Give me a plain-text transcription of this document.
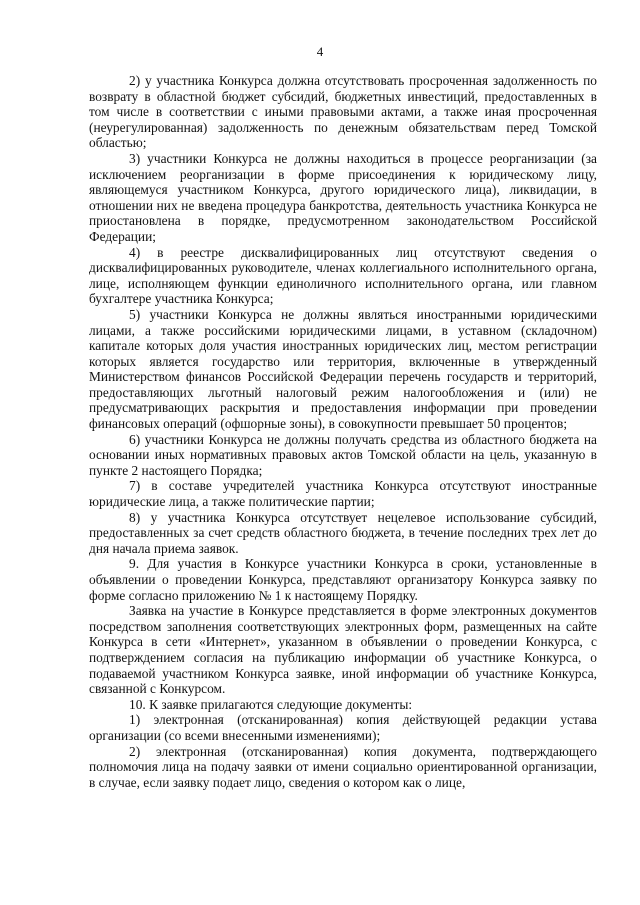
4

2) у участника Конкурса должна отсутствовать просроченная задолженность по возврату в областной бюджет субсидий, бюджетных инвестиций, предоставленных в том числе в соответствии с иными правовыми актами, а также иная просроченная (неурегулированная) задолженность по денежным обязательствам перед Томской областью;

3) участники Конкурса не должны находиться в процессе реорганизации (за исключением реорганизации в форме присоединения к юридическому лицу, являющемуся участником Конкурса, другого юридического лица), ликвидации, в отношении них не введена процедура банкротства, деятельность участника Конкурса не приостановлена в порядке, предусмотренном законодательством Российской Федерации;

4) в реестре дисквалифицированных лиц отсутствуют сведения о дисквалифицированных руководителе, членах коллегиального исполнительного органа, лице, исполняющем функции единоличного исполнительного органа, или главном бухгалтере участника Конкурса;

5) участники Конкурса не должны являться иностранными юридическими лицами, а также российскими юридическими лицами, в уставном (складочном) капитале которых доля участия иностранных юридических лиц, местом регистрации которых является государство или территория, включенные в утвержденный Министерством финансов Российской Федерации перечень государств и территорий, предоставляющих льготный налоговый режим налогообложения и (или) не предусматривающих раскрытия и предоставления информации при проведении финансовых операций (офшорные зоны), в совокупности превышает 50 процентов;

6) участники Конкурса не должны получать средства из областного бюджета на основании иных нормативных правовых актов Томской области на цель, указанную в пункте 2 настоящего Порядка;

7) в составе учредителей участника Конкурса отсутствуют иностранные юридические лица, а также политические партии;

8) у участника Конкурса отсутствует нецелевое использование субсидий, предоставленных за счет средств областного бюджета, в течение последних трех лет до дня начала приема заявок.

9. Для участия в Конкурсе участники Конкурса в сроки, установленные в объявлении о проведении Конкурса, представляют организатору Конкурса заявку по форме согласно приложению № 1 к настоящему Порядку.

Заявка на участие в Конкурсе представляется в форме электронных документов посредством заполнения соответствующих электронных форм, размещенных на сайте Конкурса в сети «Интернет», указанном в объявлении о проведении Конкурса, с подтверждением согласия на публикацию информации об участнике Конкурса, о подаваемой участником Конкурса заявке, иной информации об участнике Конкурса, связанной с Конкурсом.

10. К заявке прилагаются следующие документы:

1) электронная (отсканированная) копия действующей редакции устава организации (со всеми внесенными изменениями);

2) электронная (отсканированная) копия документа, подтверждающего полномочия лица на подачу заявки от имени социально ориентированной организации, в случае, если заявку подает лицо, сведения о котором как о лице,
